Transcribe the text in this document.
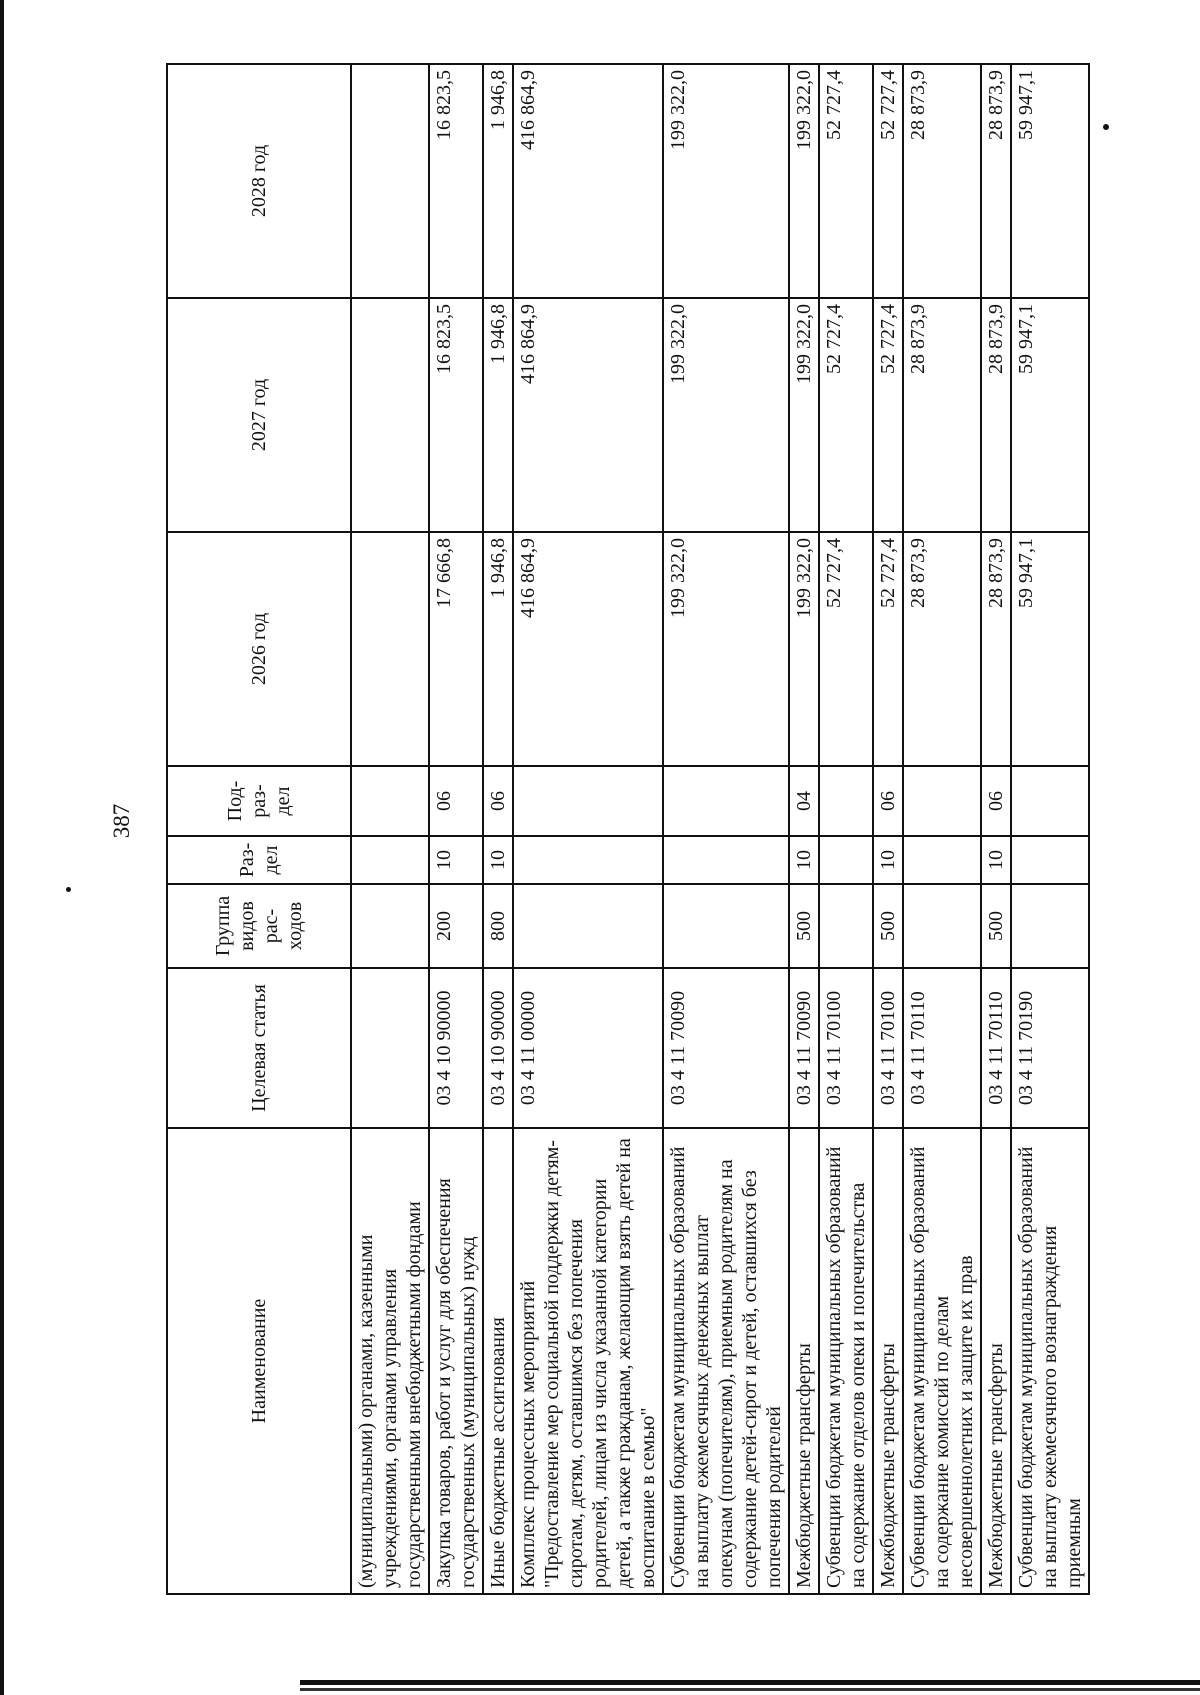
387
Наименование	Целевая статья	Группа видов рас-ходов	Раз-дел	Под-раз-дел	2026 год	2027 год	2028 год
(муниципальными) органами, казенными учреждениями, органами управления государственными внебюджетными фондами							
Закупка товаров, работ и услуг для обеспечения государственных (муниципальных) нужд	03 4 10 90000	200	10	06	17 666,8	16 823,5	16 823,5
Иные бюджетные ассигнования	03 4 10 90000	800	10	06	1 946,8	1 946,8	1 946,8
Комплекс процессных мероприятий "Предоставление мер социальной поддержки детям-сиротам, детям, оставшимся без попечения родителей, лицам из числа указанной категории детей, а также гражданам, желающим взять детей на воспитание в семью"	03 4 11 00000				416 864,9	416 864,9	416 864,9
Субвенции бюджетам муниципальных образований на выплату ежемесячных денежных выплат опекунам (попечителям), приемным родителям на содержание детей-сирот и детей, оставшихся без попечения родителей	03 4 11 70090				199 322,0	199 322,0	199 322,0
Межбюджетные трансферты	03 4 11 70090	500	10	04	199 322,0	199 322,0	199 322,0
Субвенции бюджетам муниципальных образований на содержание отделов опеки и попечительства	03 4 11 70100				52 727,4	52 727,4	52 727,4
Межбюджетные трансферты	03 4 11 70100	500	10	06	52 727,4	52 727,4	52 727,4
Субвенции бюджетам муниципальных образований на содержание комиссий по делам несовершеннолетних и защите их прав	03 4 11 70110				28 873,9	28 873,9	28 873,9
Межбюджетные трансферты	03 4 11 70110	500	10	06	28 873,9	28 873,9	28 873,9
Субвенции бюджетам муниципальных образований на выплату ежемесячного вознаграждения приемным	03 4 11 70190				59 947,1	59 947,1	59 947,1
